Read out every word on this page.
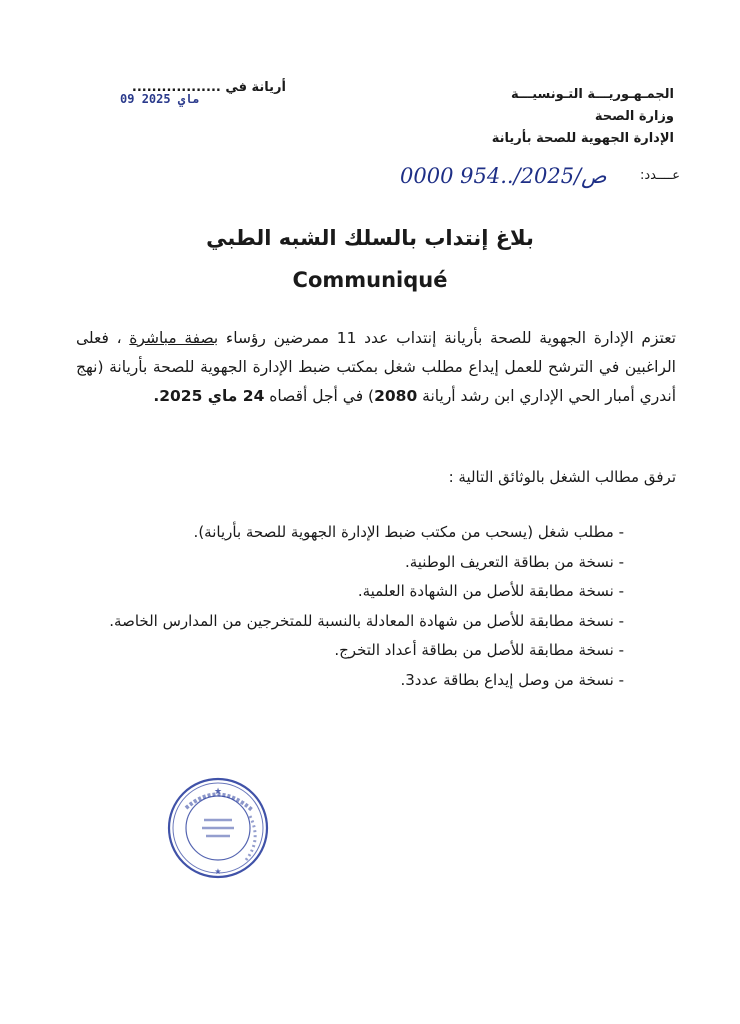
الجمـهـوريـــة التـونسيـــة
وزارة الصحة
الإدارة الجهوية للصحة بأريانة
أريانة في ..................
09 ماي 2025
عــــدد:
0000 954../2025/ص
بلاغ إنتداب بالسلك الشبه الطبي
Communiqué
تعتزم الإدارة الجهوية للصحة بأريانة إنتداب عدد 11 ممرضين رؤساء بصفة مباشرة ، فعلى الراغبين في الترشح للعمل إيداع مطلب شغل بمكتب ضبط الإدارة الجهوية للصحة بأريانة (نهج أندري أمبار الحي الإداري ابن رشد أريانة 2080) في أجل أقصاه 24 ماي 2025.
ترفق مطالب الشغل بالوثائق التالية :
- مطلب شغل (يسحب من مكتب ضبط الإدارة الجهوية للصحة بأريانة).
- نسخة من بطاقة التعريف الوطنية.
- نسخة مطابقة للأصل من الشهادة العلمية.
- نسخة مطابقة للأصل من شهادة المعادلة بالنسبة للمتخرجين من المدارس الخاصة.
- نسخة مطابقة للأصل من بطاقة أعداد التخرج.
- نسخة من وصل إيداع بطاقة عدد3.
★
★
